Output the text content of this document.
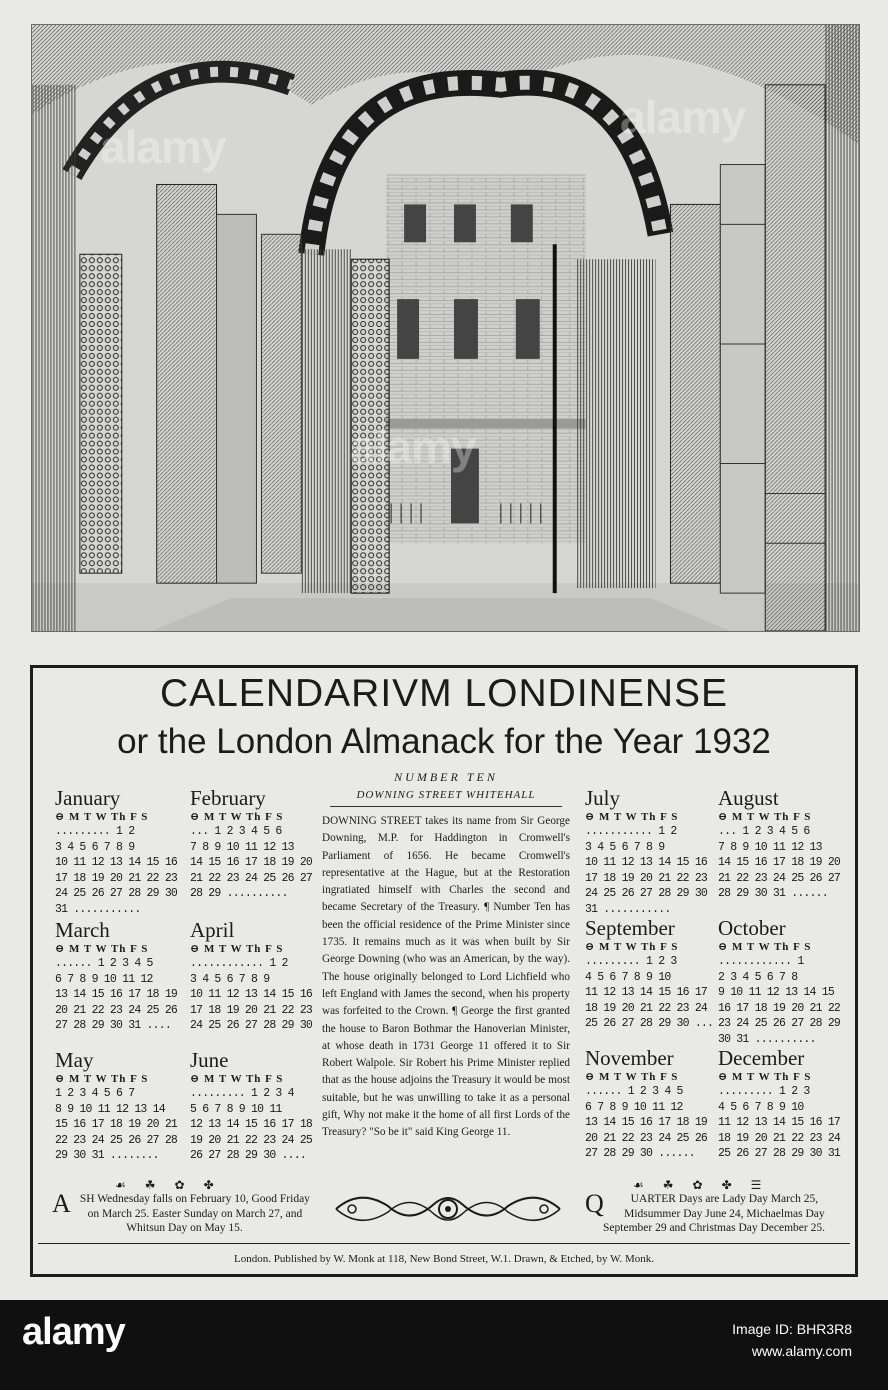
alamy
alamy
alamy
CALENDARIVM LONDINENSE
or the London Almanack for the Year 1932
January
⊖ M T W Th F S
......... 1 2
3 4 5 6 7 8 9
10 11 12 13 14 15 16
17 18 19 20 21 22 23
24 25 26 27 28 29 30
31 ...........
February
⊖ M T W Th F S
... 1 2 3 4 5 6
7 8 9 10 11 12 13
14 15 16 17 18 19 20
21 22 23 24 25 26 27
28 29 ..........
March
⊖ M T W Th F S
...... 1 2 3 4 5
6 7 8 9 10 11 12
13 14 15 16 17 18 19
20 21 22 23 24 25 26
27 28 29 30 31 ....
April
⊖ M T W Th F S
............ 1 2
3 4 5 6 7 8 9
10 11 12 13 14 15 16
17 18 19 20 21 22 23
24 25 26 27 28 29 30
May
⊖ M T W Th F S
1 2 3 4 5 6 7
8 9 10 11 12 13 14
15 16 17 18 19 20 21
22 23 24 25 26 27 28
29 30 31 ........
June
⊖ M T W Th F S
......... 1 2 3 4
5 6 7 8 9 10 11
12 13 14 15 16 17 18
19 20 21 22 23 24 25
26 27 28 29 30 ....
NUMBER TEN
DOWNING STREET WHITEHALL
DOWNING STREET takes its name from Sir George Downing, M.P. for Haddington in Cromwell's Parliament of 1656. He became Cromwell's representative at the Hague, but at the Restoration ingratiated himself with Charles the second and became Secretary of the Treasury. ¶ Number Ten has been the official residence of the Prime Minister since 1735. It remains much as it was when built by Sir George Downing (who was an American, by the way). The house originally belonged to Lord Lichfield who left England with James the second, when his property was forfeited to the Crown. ¶ George the first granted the house to Baron Bothmar the Hanoverian Minister, at whose death in 1731 George 11 offered it to Sir Robert Walpole. Sir Robert his Prime Minister replied that as the house adjoins the Treasury it would be most suitable, but he was unwilling to take it as a personal gift, Why not make it the home of all first Lords of the Treasury? "So be it" said King George 11.
July
⊖ M T W Th F S
........... 1 2
3 4 5 6 7 8 9
10 11 12 13 14 15 16
17 18 19 20 21 22 23
24 25 26 27 28 29 30
31 ...........
August
⊖ M T W Th F S
... 1 2 3 4 5 6
7 8 9 10 11 12 13
14 15 16 17 18 19 20
21 22 23 24 25 26 27
28 29 30 31 ......
September
⊖ M T W Th F S
......... 1 2 3
4 5 6 7 8 9 10
11 12 13 14 15 16 17
18 19 20 21 22 23 24
25 26 27 28 29 30 ...
October
⊖ M T W Th F S
............ 1
2 3 4 5 6 7 8
9 10 11 12 13 14 15
16 17 18 19 20 21 22
23 24 25 26 27 28 29
30 31 ..........
November
⊖ M T W Th F S
...... 1 2 3 4 5
6 7 8 9 10 11 12
13 14 15 16 17 18 19
20 21 22 23 24 25 26
27 28 29 30 ......
December
⊖ M T W Th F S
......... 1 2 3
4 5 6 7 8 9 10
11 12 13 14 15 16 17
18 19 20 21 22 23 24
25 26 27 28 29 30 31
☙ ☘ ✿ ✤	☙ ☘ ✿ ✤ ☰
ASH Wednesday falls on February 10, Good Friday on March 25. Easter Sunday on March 27, and Whitsun Day on May 15.
Q UARTER Days are Lady Day March 25, Midsummer Day June 24, Michaelmas Day September 29 and Christmas Day December 25.
London. Published by W. Monk at 118, New Bond Street, W.1. Drawn, & Etched, by W. Monk.
alamy	Image ID: BHR3R8
www.alamy.com
